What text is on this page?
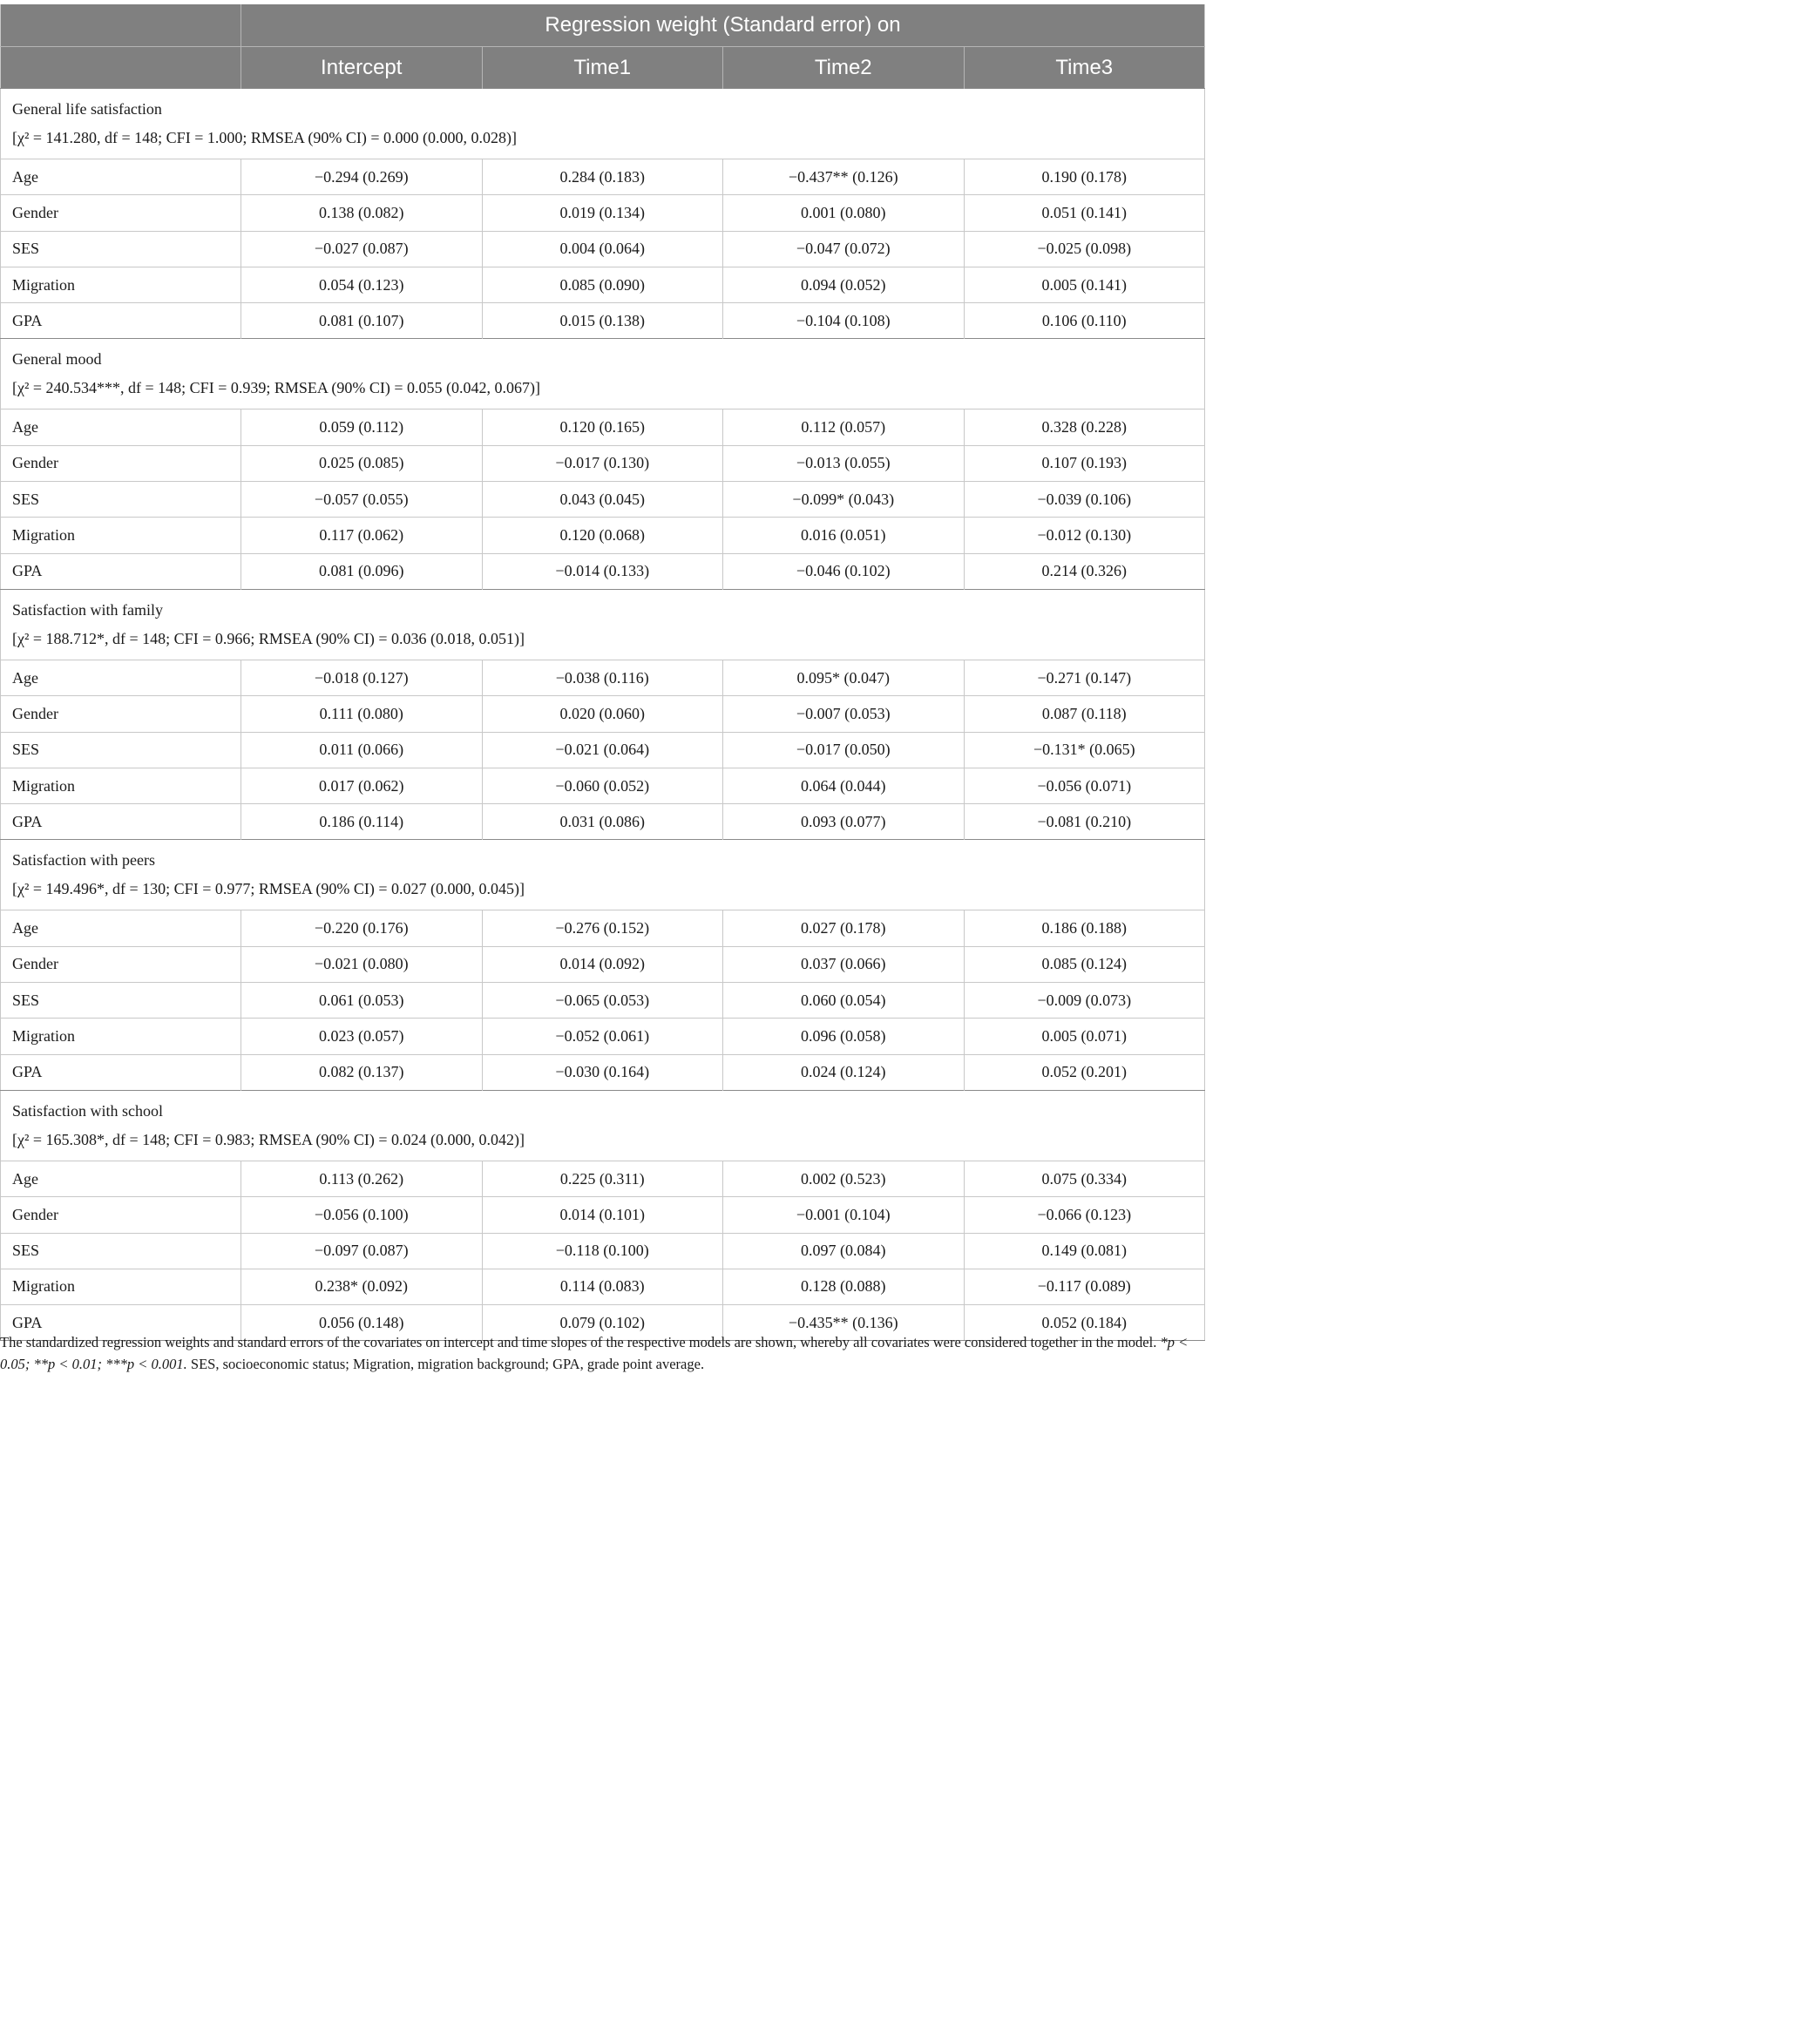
	Regression weight (Standard error) on			
	Intercept	Time1	Time2	Time3

General life satisfaction
[χ² = 141.280, df = 148; CFI = 1.000; RMSEA (90% CI) = 0.000 (0.000, 0.028)]				

Age	−0.294 (0.269)	0.284 (0.183)	−0.437** (0.126)	0.190 (0.178)
Gender	0.138 (0.082)	0.019 (0.134)	0.001 (0.080)	0.051 (0.141)
SES	−0.027 (0.087)	0.004 (0.064)	−0.047 (0.072)	−0.025 (0.098)
Migration	0.054 (0.123)	0.085 (0.090)	0.094 (0.052)	0.005 (0.141)
GPA	0.081 (0.107)	0.015 (0.138)	−0.104 (0.108)	0.106 (0.110)

General mood
[χ² = 240.534***, df = 148; CFI = 0.939; RMSEA (90% CI) = 0.055 (0.042, 0.067)]				

Age	0.059 (0.112)	0.120 (0.165)	0.112 (0.057)	0.328 (0.228)
Gender	0.025 (0.085)	−0.017 (0.130)	−0.013 (0.055)	0.107 (0.193)
SES	−0.057 (0.055)	0.043 (0.045)	−0.099* (0.043)	−0.039 (0.106)
Migration	0.117 (0.062)	0.120 (0.068)	0.016 (0.051)	−0.012 (0.130)
GPA	0.081 (0.096)	−0.014 (0.133)	−0.046 (0.102)	0.214 (0.326)

Satisfaction with family
[χ² = 188.712*, df = 148; CFI = 0.966; RMSEA (90% CI) = 0.036 (0.018, 0.051)]				

Age	−0.018 (0.127)	−0.038 (0.116)	0.095* (0.047)	−0.271 (0.147)
Gender	0.111 (0.080)	0.020 (0.060)	−0.007 (0.053)	0.087 (0.118)
SES	0.011 (0.066)	−0.021 (0.064)	−0.017 (0.050)	−0.131* (0.065)
Migration	0.017 (0.062)	−0.060 (0.052)	0.064 (0.044)	−0.056 (0.071)
GPA	0.186 (0.114)	0.031 (0.086)	0.093 (0.077)	−0.081 (0.210)

Satisfaction with peers
[χ² = 149.496*, df = 130; CFI = 0.977; RMSEA (90% CI) = 0.027 (0.000, 0.045)]				

Age	−0.220 (0.176)	−0.276 (0.152)	0.027 (0.178)	0.186 (0.188)
Gender	−0.021 (0.080)	0.014 (0.092)	0.037 (0.066)	0.085 (0.124)
SES	0.061 (0.053)	−0.065 (0.053)	0.060 (0.054)	−0.009 (0.073)
Migration	0.023 (0.057)	−0.052 (0.061)	0.096 (0.058)	0.005 (0.071)
GPA	0.082 (0.137)	−0.030 (0.164)	0.024 (0.124)	0.052 (0.201)

Satisfaction with school
[χ² = 165.308*, df = 148; CFI = 0.983; RMSEA (90% CI) = 0.024 (0.000, 0.042)]				

Age	0.113 (0.262)	0.225 (0.311)	0.002 (0.523)	0.075 (0.334)
Gender	−0.056 (0.100)	0.014 (0.101)	−0.001 (0.104)	−0.066 (0.123)
SES	−0.097 (0.087)	−0.118 (0.100)	0.097 (0.084)	0.149 (0.081)
Migration	0.238* (0.092)	0.114 (0.083)	0.128 (0.088)	−0.117 (0.089)
GPA	0.056 (0.148)	0.079 (0.102)	−0.435** (0.136)	0.052 (0.184)

The standardized regression weights and standard errors of the covariates on intercept and time slopes of the respective models are shown, whereby all covariates were considered together in the model. *p < 0.05; **p < 0.01; ***p < 0.001. SES, socioeconomic status; Migration, migration background; GPA, grade point average.
